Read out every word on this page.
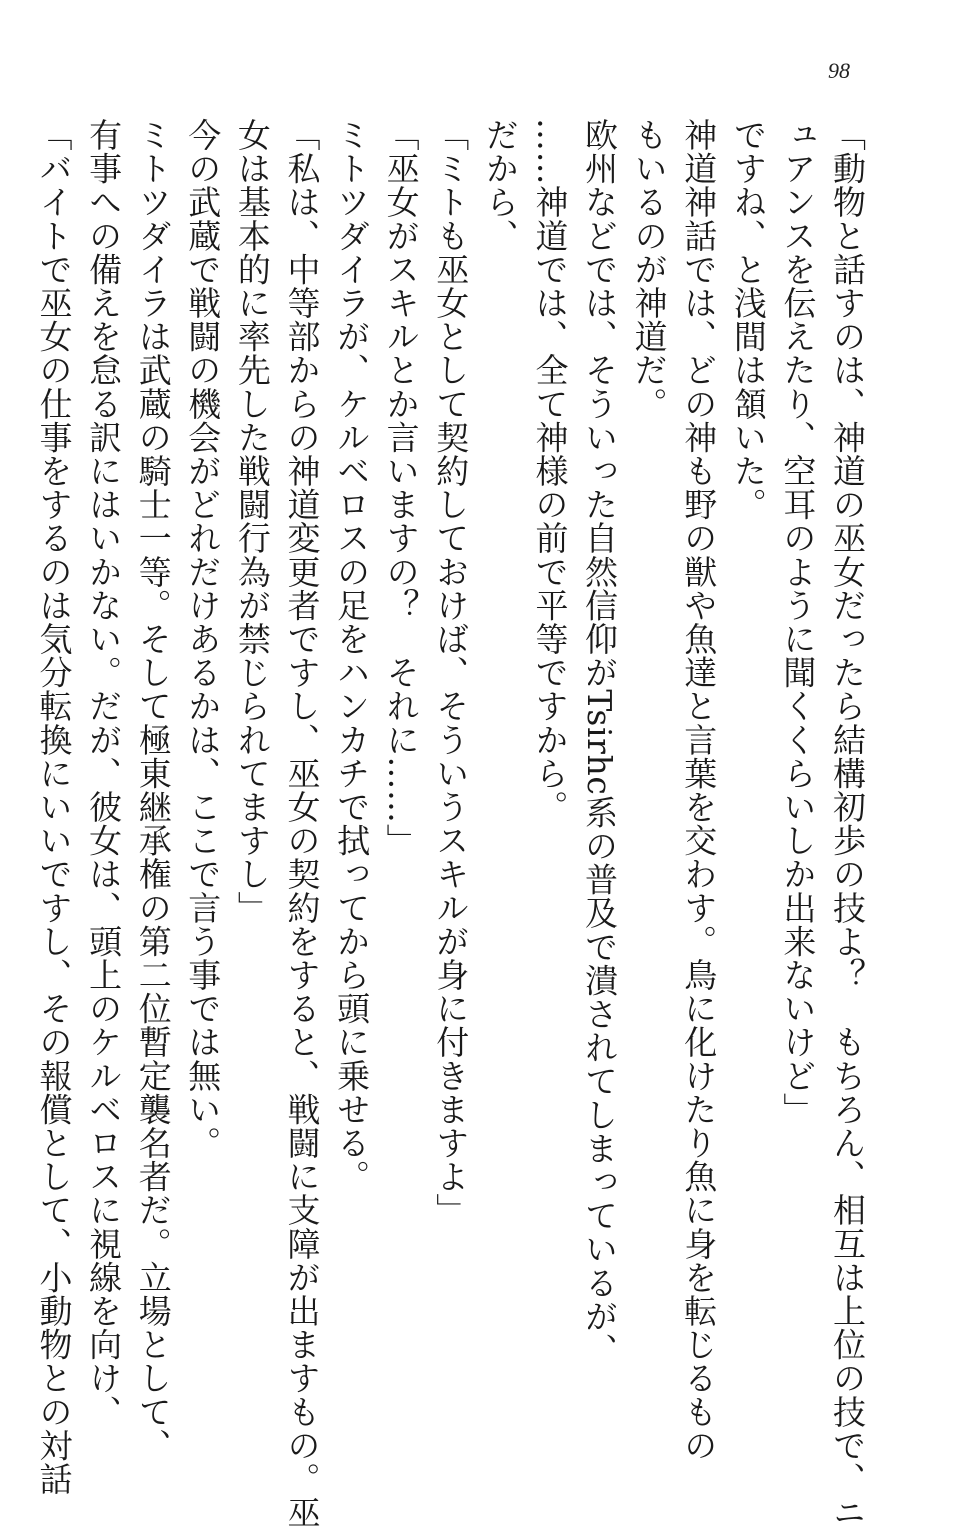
98
「動物と話すのは、神道の巫女だったら結構初歩の技よ？　もちろん、相互は上位の技で、ニ
ュアンスを伝えたり、空耳のように聞くくらいしか出来ないけど」
ですね、と浅間は頷いた。
神道神話では、どの神も野の獣や魚達と言葉を交わす。鳥に化けたり魚に身を転じるもの
もいるのが神道だ。
欧州などでは、そういった自然信仰がTsirhc系の普及で潰されてしまっているが、
……神道では、全て神様の前で平等ですから。
だから、
「ミトも巫女として契約しておけば、そういうスキルが身に付きますよ」
「巫女がスキルとか言いますの？　それに……」
ミトツダイラが、ケルベロスの足をハンカチで拭ってから頭に乗せる。
「私は、中等部からの神道変更者ですし、巫女の契約をすると、戦闘に支障が出ますもの。巫
女は基本的に率先した戦闘行為が禁じられてますし」
今の武蔵で戦闘の機会がどれだけあるかは、ここで言う事では無い。
ミトツダイラは武蔵の騎士一等。そして極東継承権の第二位暫定襲名者だ。立場として、
有事への備えを怠る訳にはいかない。だが、彼女は、頭上のケルベロスに視線を向け、
「バイトで巫女の仕事をするのは気分転換にいいですし、その報償として、小動物との対話
